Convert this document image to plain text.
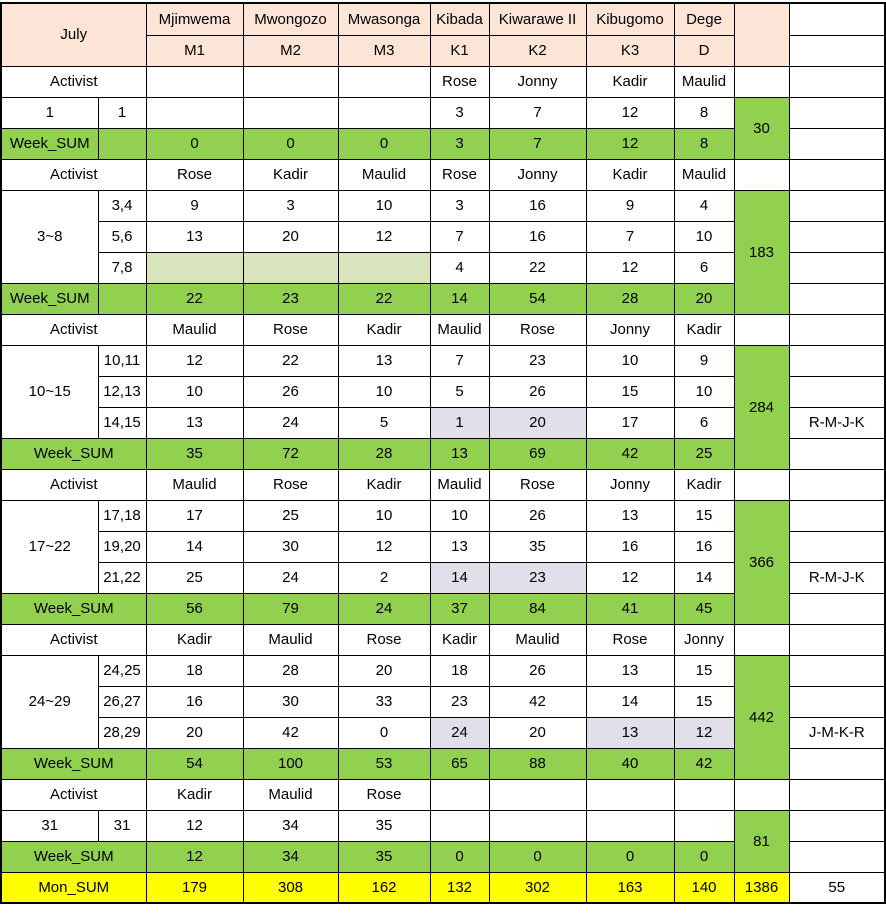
July		Mjimwema	Mwongozo	Mwasonga	Kibada	Kiwarawe II	Kibugomo	Dege		
		M1	M2	M3	K1	K2	K3	D		
Activist					Rose	Jonny	Kadir	Maulid		
1	1				3	7	12	8	30	
Week_SUM		0	0	0	3	7	12	8		
Activist		Rose	Kadir	Maulid	Rose	Jonny	Kadir	Maulid		
3~8	3,4	9	3	10	3	16	9	4	183	
	5,6	13	20	12	7	16	7	10		
	7,8				4	22	12	6		
Week_SUM		22	23	22	14	54	28	20		
Activist		Maulid	Rose	Kadir	Maulid	Rose	Jonny	Kadir		
10~15	10,11	12	22	13	7	23	10	9	284	
	12,13	10	26	10	5	26	15	10		
	14,15	13	24	5	1	20	17	6		R-M-J-K
Week_SUM		35	72	28	13	69	42	25		
Activist		Maulid	Rose	Kadir	Maulid	Rose	Jonny	Kadir		
17~22	17,18	17	25	10	10	26	13	15	366	
	19,20	14	30	12	13	35	16	16		
	21,22	25	24	2	14	23	12	14		R-M-J-K
Week_SUM		56	79	24	37	84	41	45		
Activist		Kadir	Maulid	Rose	Kadir	Maulid	Rose	Jonny		
24~29	24,25	18	28	20	18	26	13	15	442	
	26,27	16	30	33	23	42	14	15		
	28,29	20	42	0	24	20	13	12		J-M-K-R
Week_SUM		54	100	53	65	88	40	42		
Activist		Kadir	Maulid	Rose						
31	31	12	34	35					81	
Week_SUM		12	34	35	0	0	0	0		
Mon_SUM		179	308	162	132	302	163	140	1386	55
